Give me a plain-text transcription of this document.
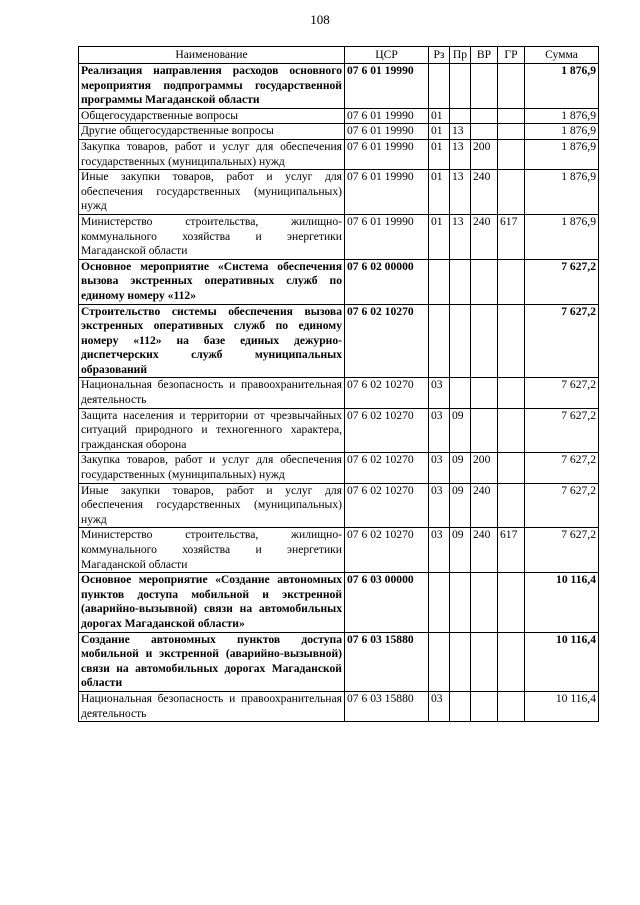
108
Наименование	ЦСР	Рз	Пр	ВР	ГР	Сумма
Реализация направления расходов основного мероприятия подпрограммы государственной программы Магаданской области	07 6 01 19990					1 876,9
Общегосударственные вопросы	07 6 01 19990	01				1 876,9
Другие общегосударственные вопросы	07 6 01 19990	01	13			1 876,9
Закупка товаров, работ и услуг для обеспечения государственных (муниципальных) нужд	07 6 01 19990	01	13	200		1 876,9
Иные закупки товаров, работ и услуг для обеспечения государственных (муниципальных) нужд	07 6 01 19990	01	13	240		1 876,9
Министерство строительства, жилищно-коммунального хозяйства и энергетики Магаданской области	07 6 01 19990	01	13	240	617	1 876,9
Основное мероприятие «Система обеспечения вызова экстренных оперативных служб по единому номеру «112»	07 6 02 00000					7 627,2
Строительство системы обеспечения вызова экстренных оперативных служб по единому номеру «112» на базе единых дежурно-диспетчерских служб муниципальных образований	07 6 02 10270					7 627,2
Национальная безопасность и правоохранительная деятельность	07 6 02 10270	03				7 627,2
Защита населения и территории от чрезвычайных ситуаций природного и техногенного характера, гражданская оборона	07 6 02 10270	03	09			7 627,2
Закупка товаров, работ и услуг для обеспечения государственных (муниципальных) нужд	07 6 02 10270	03	09	200		7 627,2
Иные закупки товаров, работ и услуг для обеспечения государственных (муниципальных) нужд	07 6 02 10270	03	09	240		7 627,2
Министерство строительства, жилищно-коммунального хозяйства и энергетики Магаданской области	07 6 02 10270	03	09	240	617	7 627,2
Основное мероприятие «Создание автономных пунктов доступа мобильной и экстренной (аварийно-вызывной) связи на автомобильных дорогах Магаданской области»	07 6 03 00000					10 116,4
Создание автономных пунктов доступа мобильной и экстренной (аварийно-вызывной) связи на автомобильных дорогах Магаданской области	07 6 03 15880					10 116,4
Национальная безопасность и правоохранительная деятельность	07 6 03 15880	03				10 116,4
